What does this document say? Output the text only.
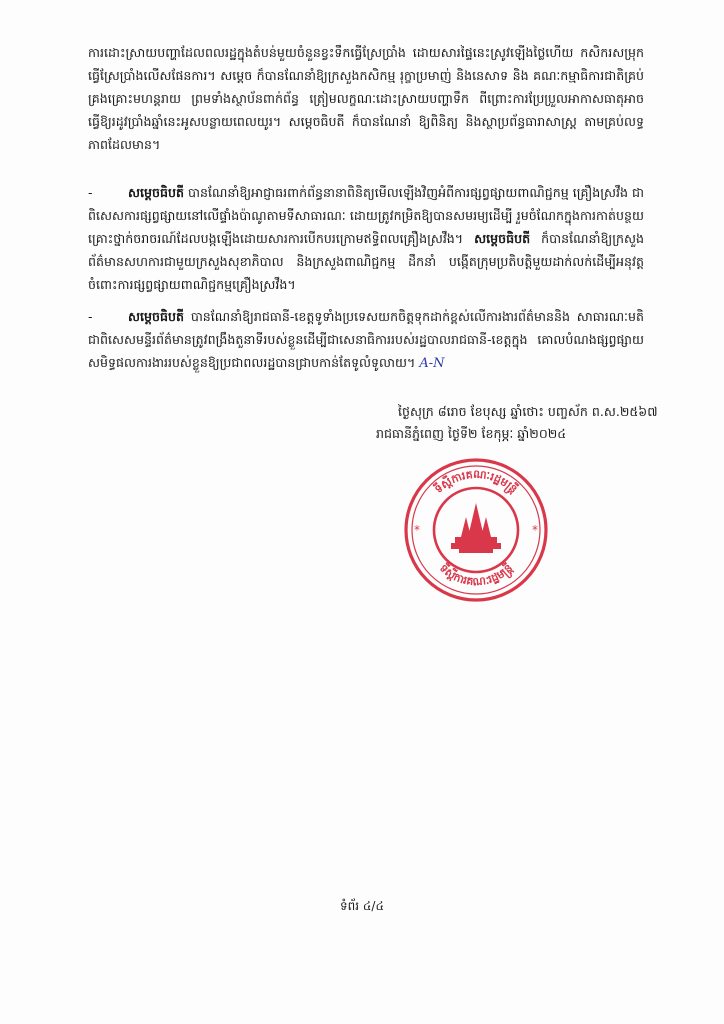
ការដោះស្រាយបញ្ហាដែលពលរដ្ឋក្នុងតំបន់មួយចំនួនខ្វះទឹកធ្វើស្រែប្រាំង ដោយសារផ្ទៃនេះស្រូវឡើងថ្លៃហើយ កសិករសម្រុកធ្វើស្រែប្រាំងលើសផែនការ។ សម្ដេច ក៏បានណែនាំឱ្យក្រសួងកសិកម្ម រុក្ខាប្រមាញ់ និងនេសាទ និង គណៈកម្មាធិការជាតិគ្រប់គ្រងគ្រោះមហន្តរាយ ព្រមទាំងស្ថាប័នពាក់ព័ន្ធ ត្រៀមលក្ខណៈដោះស្រាយបញ្ហាទឹក ពីព្រោះការប្រែប្រួលអាកាសធាតុអាចធ្វើឱ្យរដូវប្រាំងឆ្នាំនេះអូសបន្លាយពេលយូរ។ សម្ដេចធិបតី ក៏បានណែនាំ ឱ្យពិនិត្យ និងស្ថាប្រព័ន្ធធារាសាស្ត្រ តាមគ្រប់លទ្ធភាពដែលមាន។

-	សម្ដេចធិបតី បានណែនាំឱ្យអាជ្ញាធរពាក់ព័ន្ធនានាពិនិត្យមើលឡើងវិញអំពីការផ្សព្វផ្សាយពាណិជ្ជកម្ម គ្រឿងស្រវឹង ជាពិសេសការផ្សព្វផ្សាយនៅលើផ្ទាំងប៉ាណូតាមទីសាធារណៈ ដោយត្រូវកម្រិតឱ្យបានសមរម្យដើម្បី រួមចំណែកក្នុងការកាត់បន្ថយគ្រោះថ្នាក់ចរាចរណ៍ដែលបង្កឡើងដោយសារការបើកបរក្រោមឥទ្ធិពលគ្រឿងស្រវឹង។ សម្ដេចធិបតី ក៏បានណែនាំឱ្យក្រសួងព័ត៌មានសហការជាមួយក្រសួងសុខាភិបាល និងក្រសួងពាណិជ្ជកម្ម ដឹកនាំ បង្កើតក្រុមប្រតិបត្តិមួយដាក់លក់ដើម្បីអនុវត្តចំពោះការផ្សព្វផ្សាយពាណិជ្ជកម្មគ្រឿងស្រវឹង។

-	សម្ដេចធិបតី បានណែនាំឱ្យរាជធានី-ខេត្តទូទាំងប្រទេសយកចិត្តទុកដាក់ខ្ពស់លើការងារព័ត៌មាននិង សាធារណៈមតិ ជាពិសេសមន្ទីរព័ត៌មានត្រូវពង្រឹងតួនាទីរបស់ខ្លួនដើម្បីជាសេនាធិការរបស់រដ្ឋបាលរាជធានី-ខេត្តក្នុង គោលបំណងផ្សព្វផ្សាយសមិទ្ធផលការងាររបស់ខ្លួនឱ្យប្រជាពលរដ្ឋបានជ្រាបកាន់តែទូលំទូលាយ។ A-N

ថ្ងៃសុក្រ ៨រោច ខែបុស្ស ឆ្នាំថោះ បញ្ចស័ក ព.ស.២៥៦៧
រាជធានីភ្នំពេញ ថ្ងៃទី២ ខែកុម្ភៈ ឆ្នាំ២០២៤
ទីស្ដីការគណៈរដ្ឋមន្ត្រី
ទីស្ដីការគណៈរដ្ឋមន្ត្រី
*	*
ទំព័រ ៤/៤
